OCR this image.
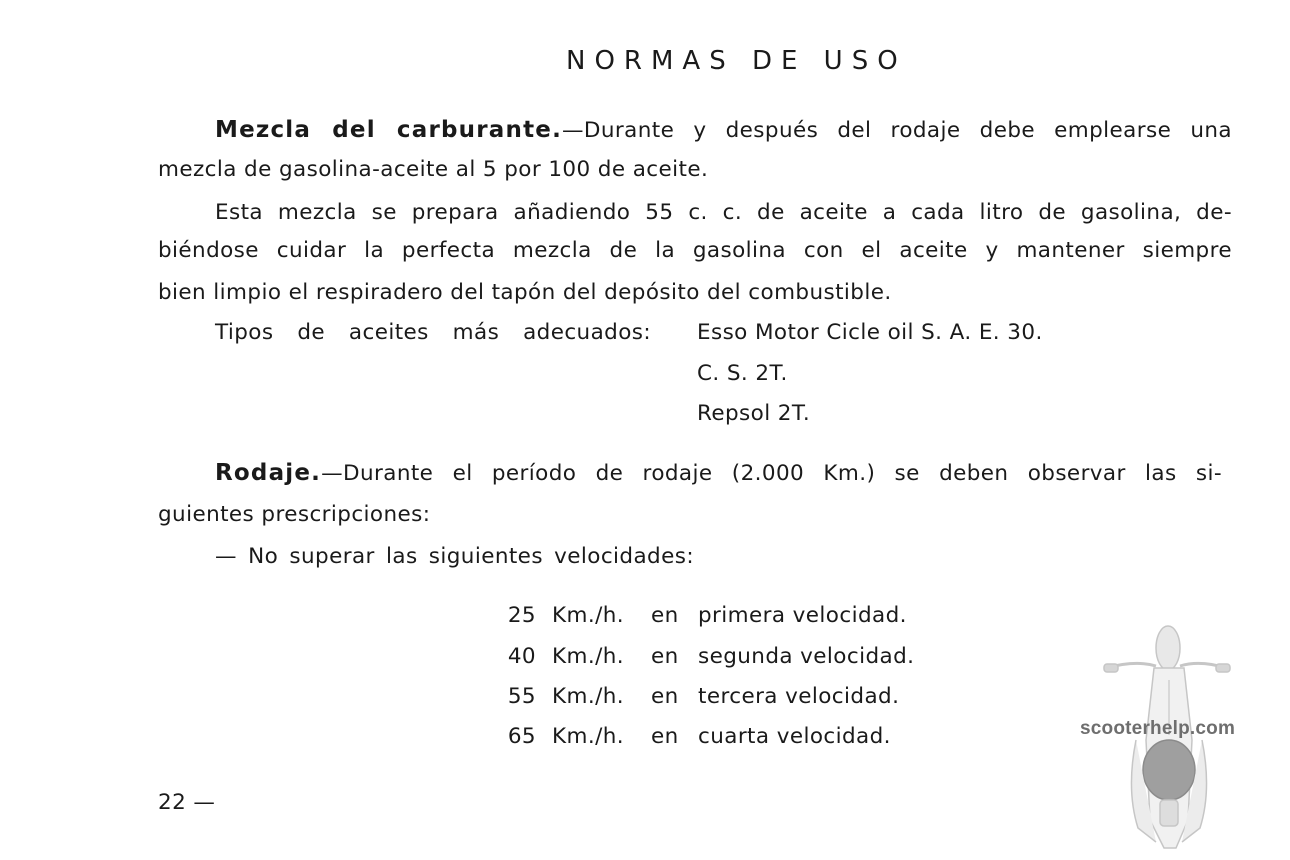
NORMAS DE USO
Mezcla del carburante.—Durante y después del rodaje debe emplearse una
mezcla de gasolina-aceite al 5 por 100 de aceite.
Esta mezcla se prepara añadiendo 55 c. c. de aceite a cada litro de gasolina, de-
biéndose cuidar la perfecta mezcla de la gasolina con el aceite y mantener siempre
bien limpio el respiradero del tapón del depósito del combustible.
Tipos de aceites más adecuados: Esso Motor Cicle oil S. A. E. 30.
C. S. 2T.
Repsol 2T.
Rodaje.—Durante el período de rodaje (2.000 Km.) se deben observar las si-
guientes prescripciones:
— No superar las siguientes velocidades:
25 Km./h. en primera velocidad.
40 Km./h. en segunda velocidad.
55 Km./h. en tercera velocidad.
65 Km./h. en cuarta velocidad.
22 —
scooterhelp.com
